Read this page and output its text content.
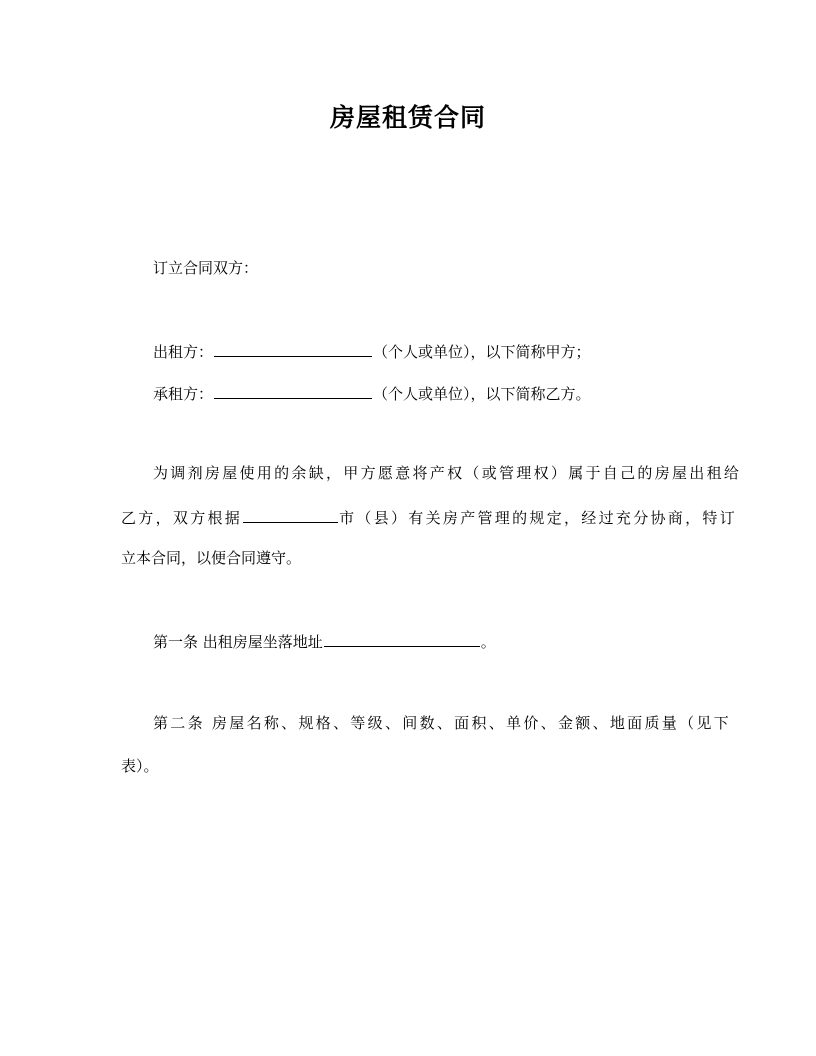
房屋租赁合同
订立合同双方：
出租方：	（个人或单位），以下简称甲方；
承租方：	（个人或单位），以下简称乙方。
为调剂房屋使用的余缺，甲方愿意将产权（或管理权）属于自己的房屋出租给
乙方，双方根据	市（县）有关房产管理的规定，经过充分协商，特订
立本合同，以便合同遵守。
第一条 出租房屋坐落地址	。
第二条 房屋名称、规格、等级、间数、面积、单价、金额、地面质量（见下
表）。
